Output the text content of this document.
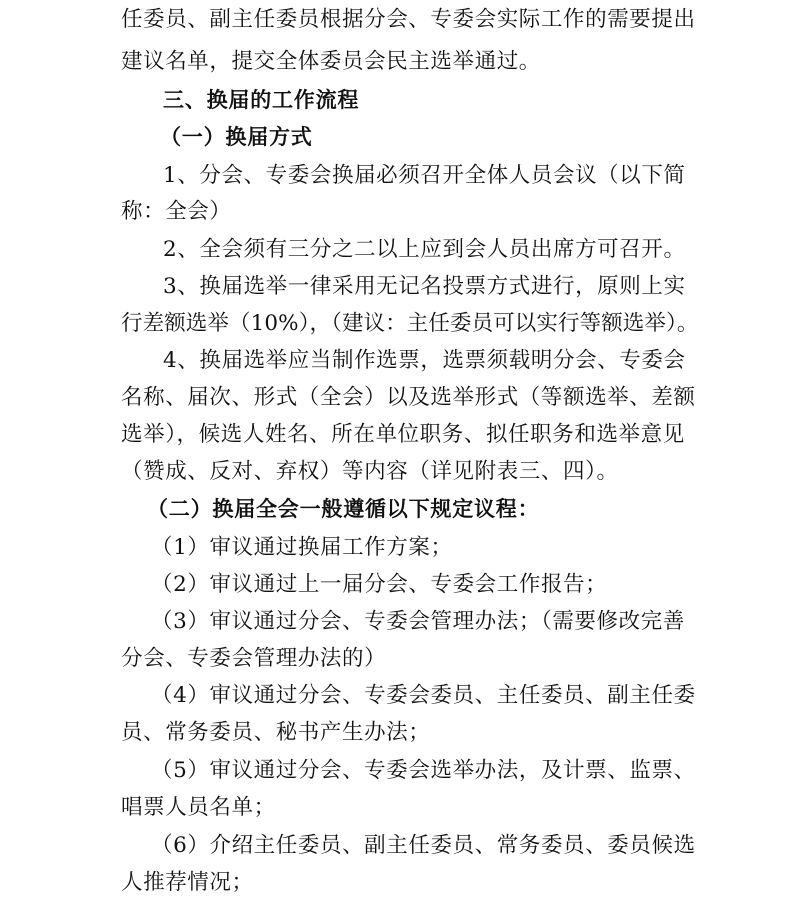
任委员、副主任委员根据分会、专委会实际工作的需要提出
建议名单，提交全体委员会民主选举通过。
三、换届的工作流程
（一）换届方式
1、分会、专委会换届必须召开全体人员会议（以下简
称：全会）
2、全会须有三分之二以上应到会人员出席方可召开。
3、换届选举一律采用无记名投票方式进行，原则上实
行差额选举（10%），（建议：主任委员可以实行等额选举）。
4、换届选举应当制作选票，选票须载明分会、专委会
名称、届次、形式（全会）以及选举形式（等额选举、差额
选举），候选人姓名、所在单位职务、拟任职务和选举意见
（赞成、反对、弃权）等内容（详见附表三、四）。
（二）换届全会一般遵循以下规定议程：
（1）审议通过换届工作方案；
（2）审议通过上一届分会、专委会工作报告；
（3）审议通过分会、专委会管理办法；（需要修改完善
分会、专委会管理办法的）
（4）审议通过分会、专委会委员、主任委员、副主任委
员、常务委员、秘书产生办法；
（5）审议通过分会、专委会选举办法，及计票、监票、
唱票人员名单；
（6）介绍主任委员、副主任委员、常务委员、委员候选
人推荐情况；
